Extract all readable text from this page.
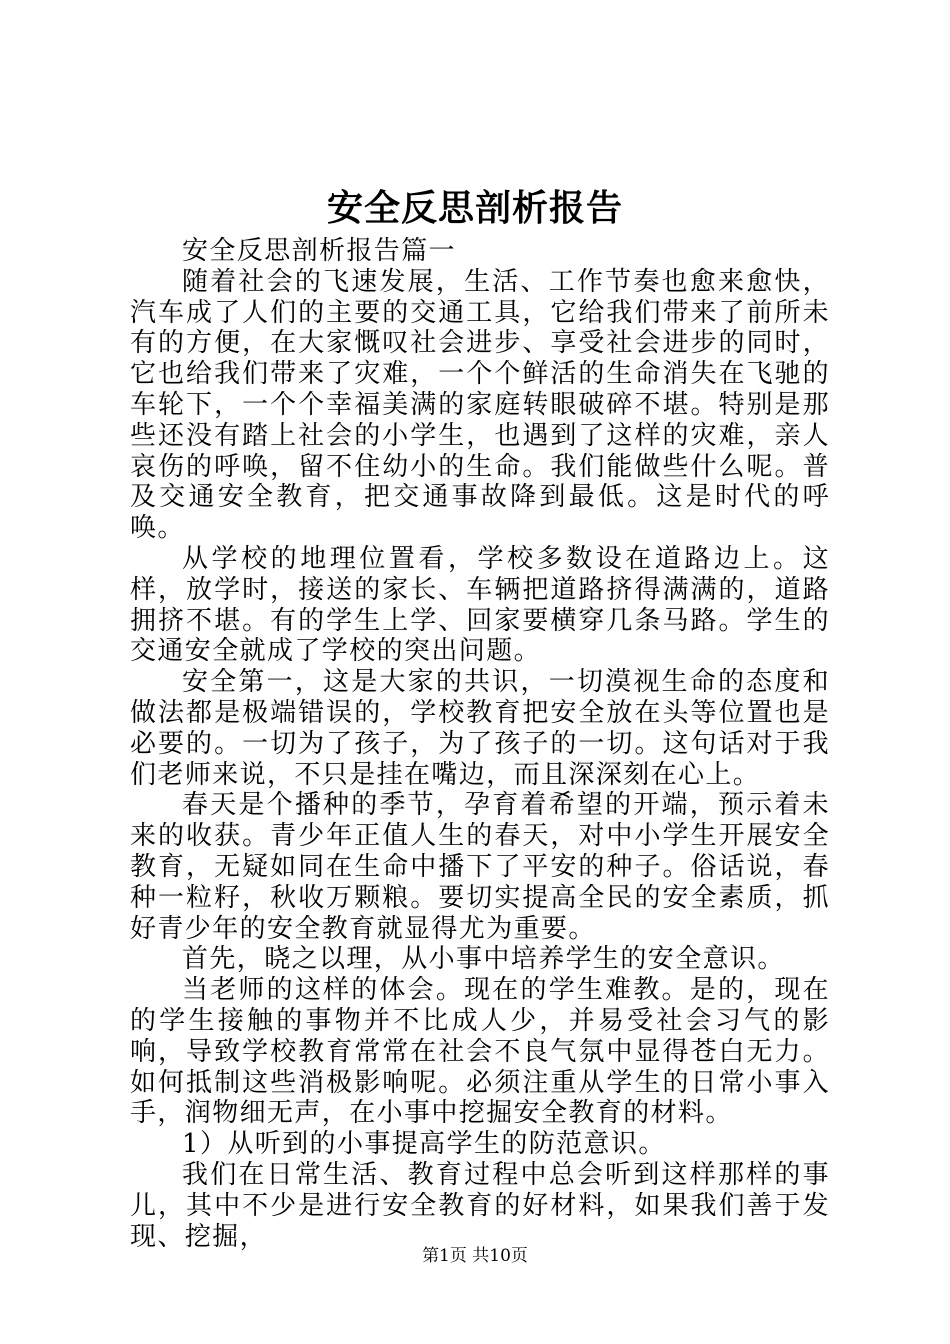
安全反思剖析报告

安全反思剖析报告篇一

随着社会的飞速发展，生活、工作节奏也愈来愈快，汽车成了人们的主要的交通工具，它给我们带来了前所未有的方便，在大家慨叹社会进步、享受社会进步的同时，它也给我们带来了灾难，一个个鲜活的生命消失在飞驰的车轮下，一个个幸福美满的家庭转眼破碎不堪。特别是那些还没有踏上社会的小学生，也遇到了这样的灾难，亲人哀伤的呼唤，留不住幼小的生命。我们能做些什么呢。普及交通安全教育，把交通事故降到最低。这是时代的呼唤。

从学校的地理位置看，学校多数设在道路边上。这样，放学时，接送的家长、车辆把道路挤得满满的，道路拥挤不堪。有的学生上学、回家要横穿几条马路。学生的交通安全就成了学校的突出问题。

安全第一，这是大家的共识，一切漠视生命的态度和做法都是极端错误的，学校教育把安全放在头等位置也是必要的。一切为了孩子，为了孩子的一切。这句话对于我们老师来说，不只是挂在嘴边，而且深深刻在心上。

春天是个播种的季节，孕育着希望的开端，预示着未来的收获。青少年正值人生的春天，对中小学生开展安全教育，无疑如同在生命中播下了平安的种子。俗话说，春种一粒籽，秋收万颗粮。要切实提高全民的安全素质，抓好青少年的安全教育就显得尤为重要。

首先，晓之以理，从小事中培养学生的安全意识。

当老师的这样的体会。现在的学生难教。是的，现在的学生接触的事物并不比成人少，并易受社会习气的影响，导致学校教育常常在社会不良气氛中显得苍白无力。如何抵制这些消极影响呢。必须注重从学生的日常小事入手，润物细无声，在小事中挖掘安全教育的材料。

1）从听到的小事提高学生的防范意识。

我们在日常生活、教育过程中总会听到这样那样的事儿，其中不少是进行安全教育的好材料，如果我们善于发现、挖掘，

第1页 共10页
